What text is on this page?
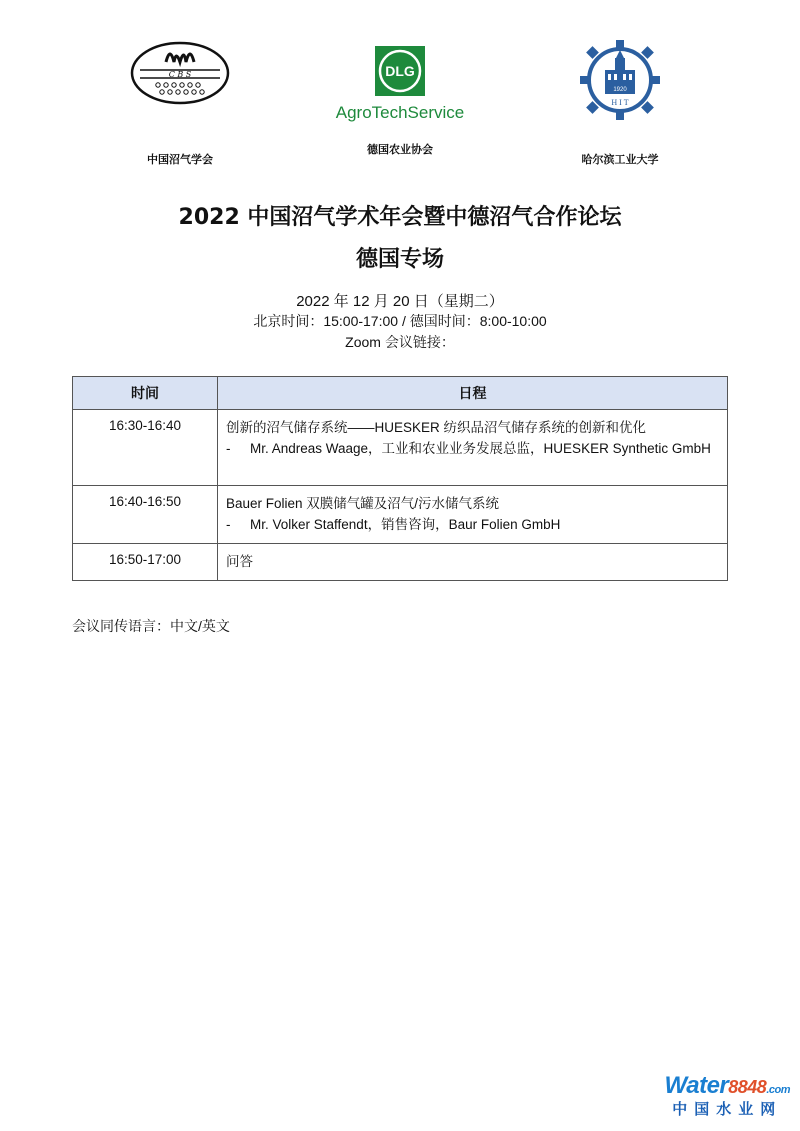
C B S
中国沼气学会
DLG
AgroTechService
德国农业协会
1920
H I T
哈尔滨工业大学
2022 中国沼气学术年会暨中德沼气合作论坛
德国专场
2022 年 12 月 20 日（星期二）
北京时间：15:00-17:00 / 德国时间：8:00-10:00
Zoom 会议链接：
时间	日程
16:30-16:40	创新的沼气储存系统——HUESKER 纺织品沼气储存系统的创新和优化
- Mr. Andreas Waage，工业和农业业务发展总监，HUESKER Synthetic GmbH

16:40-16:50	Bauer Folien 双膜储气罐及沼气/污水储气系统
- Mr. Volker Staffendt，销售咨询，Baur Folien GmbH

16:50-17:00	问答
会议同传语言：中文/英文
Water8848.com
中国水业网
